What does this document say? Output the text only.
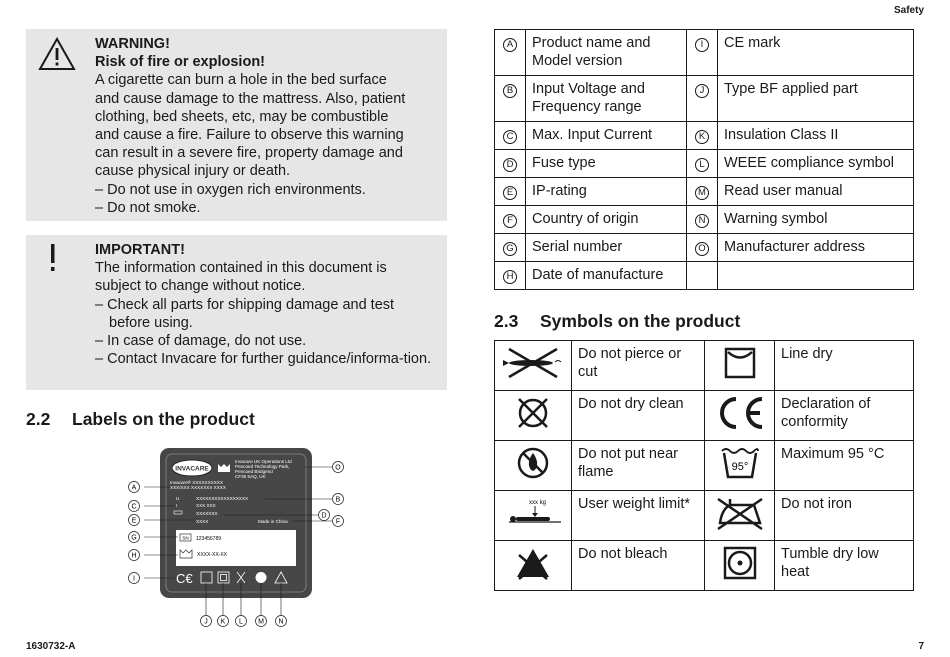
Safety
WARNING!
Risk of fire or explosion!
A cigarette can burn a hole in the bed surface
and cause damage to the mattress. Also, patient
clothing, bed sheets, etc, may be combustible
and cause a fire. Failure to observe this warning
can result in a severe fire, property damage and
cause physical injury or death.
– Do not use in oxygen rich environments.
– Do not smoke.
IMPORTANT!
The information contained in this document is
subject to change without notice.
– Check all parts for shipping damage and test before using.
– In case of damage, do not use.
– Contact Invacare for further guidance/informa-tion.
2.2 Labels on the product
INVACARE
Invacare UK Operations Ltd
Pencoed Technology Park,
Pencoed Bridgend
CF35 5AQ, UK
Invacare® XXXXXXXXXX
XXX/XXX XXXXXXX XXXX
U	XXXXXXXXXXXXXXXXX
I	XXX XXX
XXXXXXX
XXXX	Made in China
SN 123456789
XXXX-XX-XX
C€
A
B
C
D
E	F
G
H
I
J K L M N
O
A	Product name and Model version	I	CE mark
B	Input Voltage and Frequency range	J	Type BF applied part
C	Max. Input Current	K	Insulation Class II
D	Fuse type	L	WEEE compliance symbol
E	IP-rating	M	Read user manual
F	Country of origin	N	Warning symbol
G	Serial number	O	Manufacturer address
H	Date of manufacture		
2.3 Symbols on the product
	Do not pierce or cut		Line dry
	Do not dry clean		Declaration of conformity
	Do not put near flame	95°	Maximum 95 °C

xxx kg	User weight limit*		Do not iron
	Do not bleach		Tumble dry low heat
1630732-A	7
